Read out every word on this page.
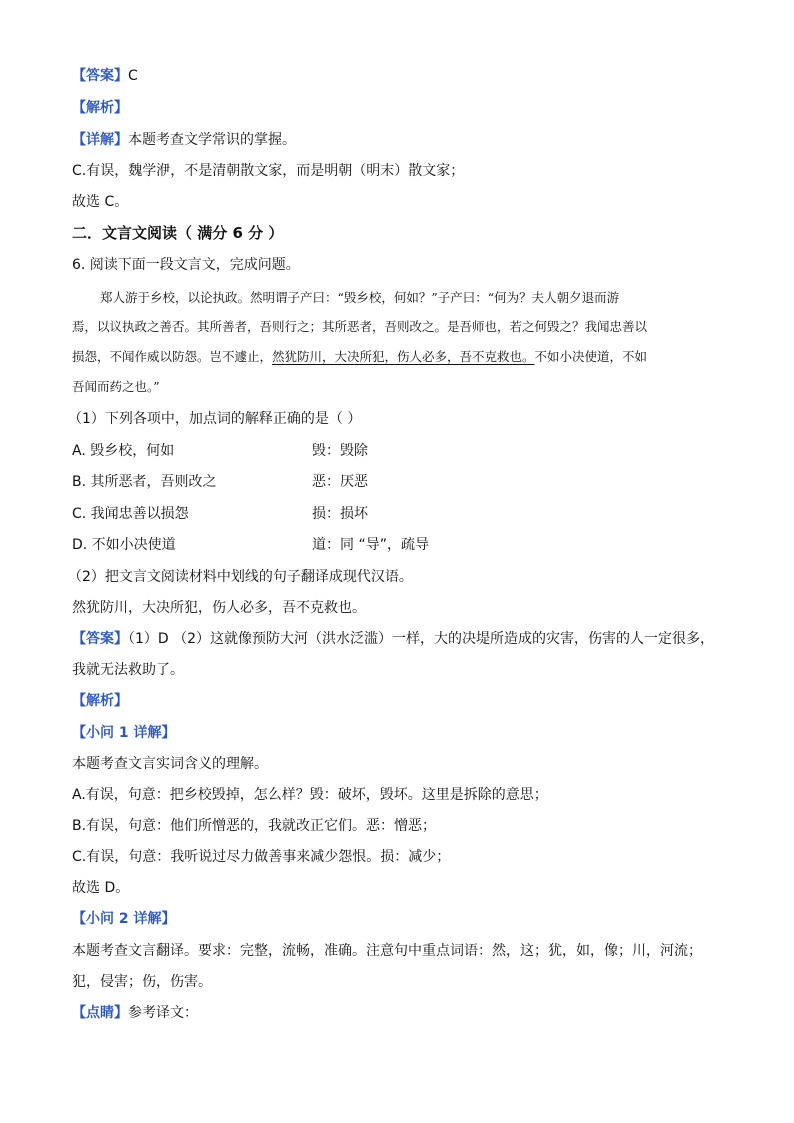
【答案】C
【解析】
【详解】本题考查文学常识的掌握。
C.有误，魏学洢，不是清朝散文家，而是明朝（明末）散文家；
故选 C。
二．文言文阅读（ 满分 6 分 ）
6. 阅读下面一段文言文，完成问题。
郑人游于乡校，以论执政。然明谓子产曰：“毁乡校，何如？”子产曰：“何为？夫人朝夕退而游
焉，以议执政之善否。其所善者，吾则行之；其所恶者，吾则改之。是吾师也，若之何毁之？我闻忠善以
损怨，不闻作威以防怨。岂不遽止，然犹防川，大决所犯，伤人必多，吾不克救也。不如小决使道，不如
吾闻而药之也。”
（1）下列各项中，加点词的解释正确的是（ ）
A. 毁乡校，何如	毁：毁除
B. 其所恶者，吾则改之	恶：厌恶
C. 我闻忠善以损怨	损：损坏
D. 不如小决使道	道：同 “导”，疏导
（2）把文言文阅读材料中划线的句子翻译成现代汉语。
然犹防川，大决所犯，伤人必多，吾不克救也。
【答案】（1）D （2）这就像预防大河（洪水泛滥）一样，大的决堤所造成的灾害，伤害的人一定很多，
我就无法救助了。
【解析】
【小问 1 详解】
本题考查文言实词含义的理解。
A.有误，句意：把乡校毁掉，怎么样？毁：破坏，毁坏。这里是拆除的意思；
B.有误，句意：他们所憎恶的，我就改正它们。恶：憎恶；
C.有误，句意：我听说过尽力做善事来减少怨恨。损：减少；
故选 D。
【小问 2 详解】
本题考查文言翻译。要求：完整，流畅，准确。注意句中重点词语：然，这；犹，如，像；川，河流；
犯，侵害；伤，伤害。
【点睛】参考译文：
